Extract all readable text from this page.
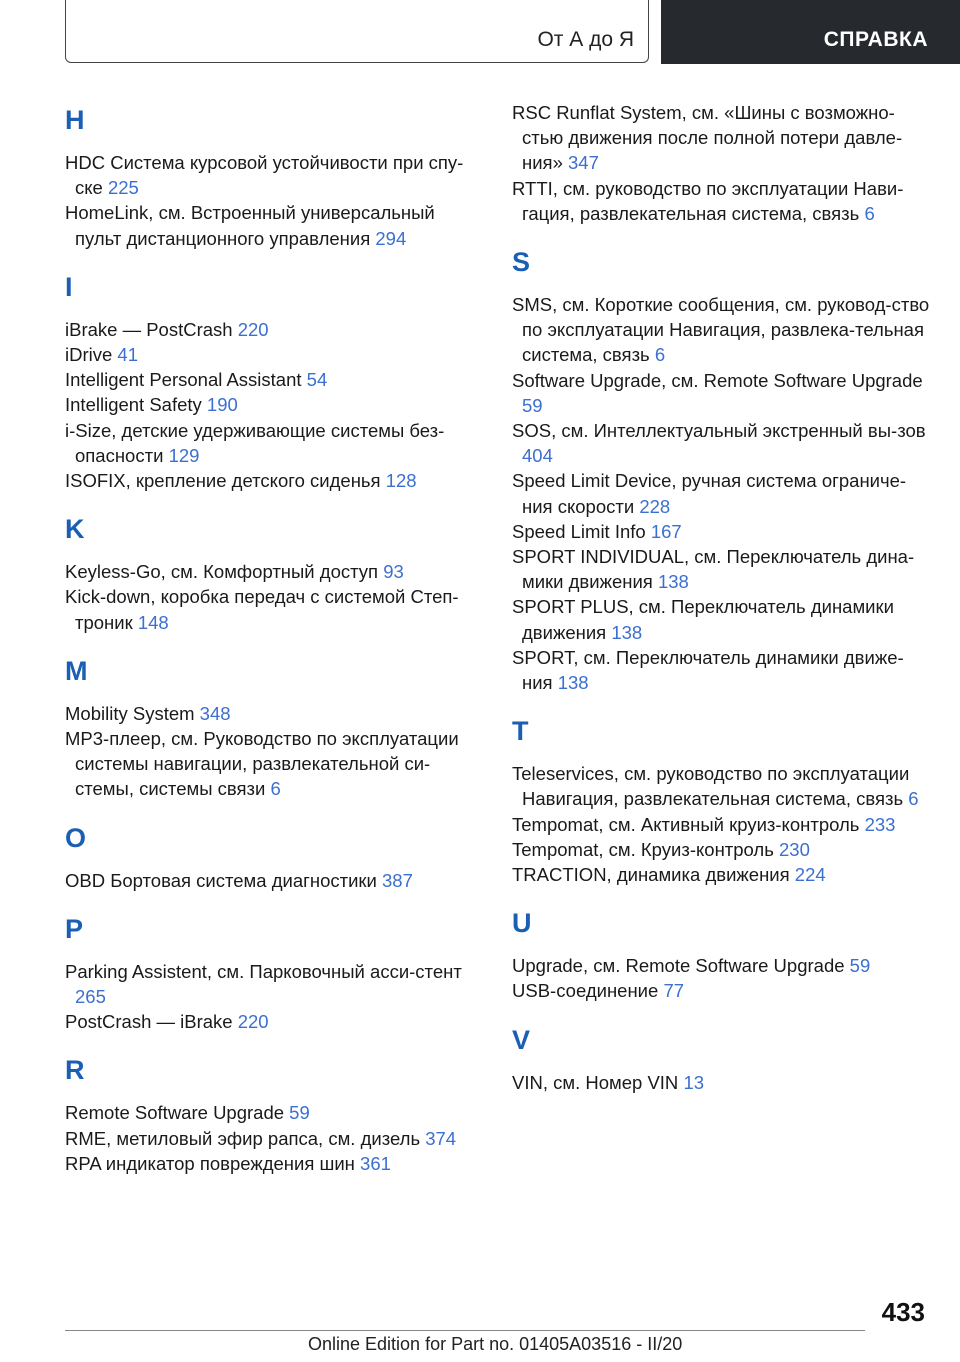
От А до Я	СПРАВКА
H
HDC Система курсовой устойчивости при спу-ске 225
HomeLink, см. Встроенный универсальный пульт дистанционного управления 294
I
iBrake — PostCrash 220
iDrive 41
Intelligent Personal Assistant 54
Intelligent Safety 190
i-Size, детские удерживающие системы без-опасности 129
ISOFIX, крепление детского сиденья 128
K
Keyless-Go, см. Комфортный доступ 93
Kick-down, коробка передач с системой Степ-троник 148
M
Mobility System 348
MP3-плеер, см. Руководство по эксплуатации системы навигации, развлекательной си-стемы, системы связи 6
O
OBD Бортовая система диагностики 387
P
Parking Assistent, см. Парковочный асси-стент 265
PostCrash — iBrake 220
R
Remote Software Upgrade 59
RME, метиловый эфир рапса, см. дизель 374
RPA индикатор повреждения шин 361
RSC Runflat System, см. «Шины с возможно-стью движения после полной потери давле-ния» 347
RTTI, см. руководство по эксплуатации Нави-гация, развлекательная система, связь 6
S
SMS, см. Короткие сообщения, см. руковод-ство по эксплуатации Навигация, развлека-тельная система, связь 6
Software Upgrade, см. Remote Software Upgrade 59
SOS, см. Интеллектуальный экстренный вы-зов 404
Speed Limit Device, ручная система ограниче-ния скорости 228
Speed Limit Info 167
SPORT INDIVIDUAL, см. Переключатель дина-мики движения 138
SPORT PLUS, см. Переключатель динамики движения 138
SPORT, см. Переключатель динамики движе-ния 138
T
Teleservices, см. руководство по эксплуатации Навигация, развлекательная система, связь 6
Tempomat, см. Активный круиз-контроль 233
Tempomat, см. Круиз-контроль 230
TRACTION, динамика движения 224
U
Upgrade, см. Remote Software Upgrade 59
USB-соединение 77
V
VIN, см. Номер VIN 13
433
Online Edition for Part no. 01405A03516 - II/20
